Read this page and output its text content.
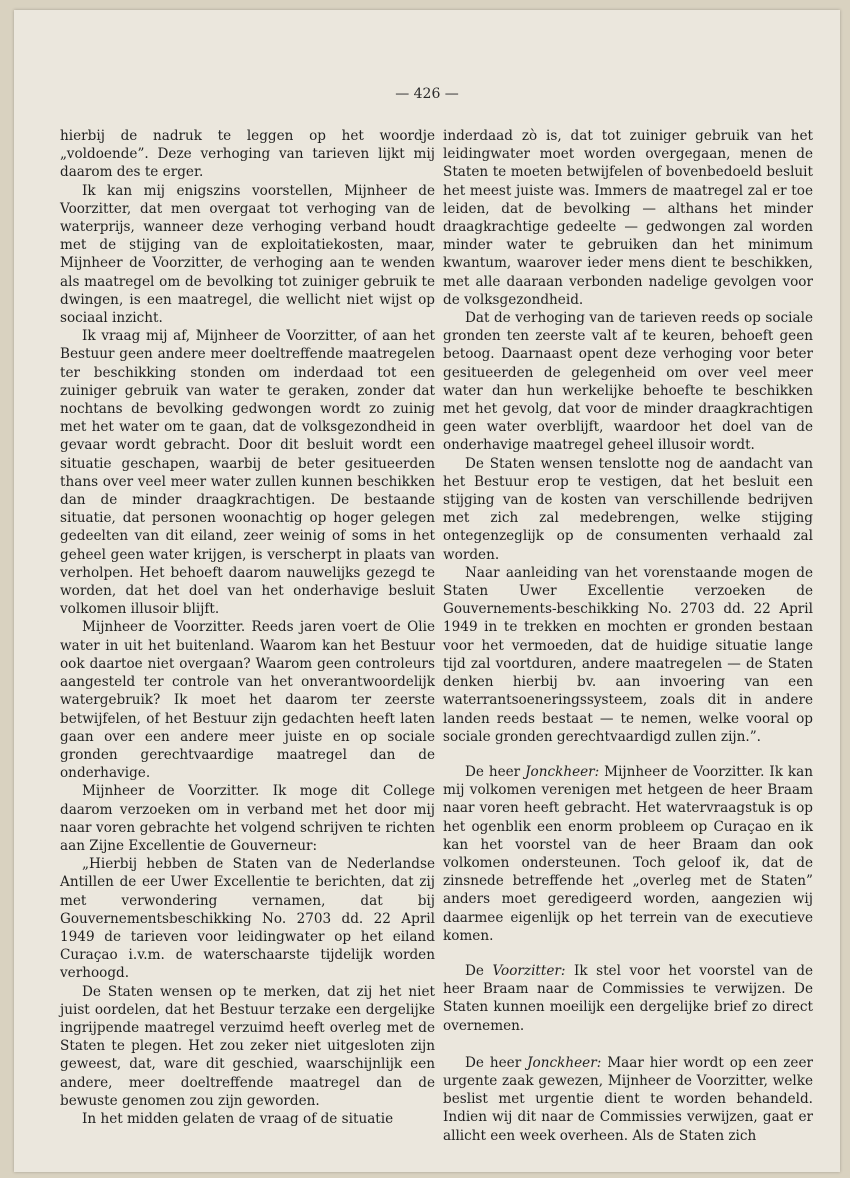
— 426 —

hierbij de nadruk te leggen op het woordje „voldoende”. Deze verhoging van tarieven lijkt mij daarom des te erger.

Ik kan mij enigszins voorstellen, Mijnheer de Voorzitter, dat men overgaat tot verhoging van de waterprijs, wanneer deze verhoging verband houdt met de stijging van de exploitatiekosten, maar, Mijnheer de Voorzitter, de verhoging aan te wenden als maatregel om de bevolking tot zuiniger gebruik te dwingen, is een maatregel, die wellicht niet wijst op sociaal inzicht.

Ik vraag mij af, Mijnheer de Voorzitter, of aan het Bestuur geen andere meer doeltreffende maatregelen ter beschikking stonden om inderdaad tot een zuiniger gebruik van water te geraken, zonder dat nochtans de bevolking gedwongen wordt zo zuinig met het water om te gaan, dat de volksgezondheid in gevaar wordt gebracht. Door dit besluit wordt een situatie geschapen, waarbij de beter gesitueerden thans over veel meer water zullen kunnen beschikken dan de minder draagkrachtigen. De bestaande situatie, dat personen woonachtig op hoger gelegen gedeelten van dit eiland, zeer weinig of soms in het geheel geen water krijgen, is verscherpt in plaats van verholpen. Het behoeft daarom nauwelijks gezegd te worden, dat het doel van het onderhavige besluit volkomen illusoir blijft.

Mijnheer de Voorzitter. Reeds jaren voert de Olie water in uit het buitenland. Waarom kan het Bestuur ook daartoe niet overgaan? Waarom geen controleurs aangesteld ter controle van het onverantwoordelijk watergebruik? Ik moet het daarom ter zeerste betwijfelen, of het Bestuur zijn gedachten heeft laten gaan over een andere meer juiste en op sociale gronden gerechtvaardige maatregel dan de onderhavige.

Mijnheer de Voorzitter. Ik moge dit College daarom verzoeken om in verband met het door mij naar voren gebrachte het volgend schrijven te richten aan Zijne Excellentie de Gouverneur:

„Hierbij hebben de Staten van de Nederlandse Antillen de eer Uwer Excellentie te berichten, dat zij met verwondering vernamen, dat bij Gouvernementsbeschikking No. 2703 dd. 22 April 1949 de tarieven voor leidingwater op het eiland Curaçao i.v.m. de waterschaarste tijdelijk worden verhoogd.

De Staten wensen op te merken, dat zij het niet juist oordelen, dat het Bestuur terzake een dergelijke ingrijpende maatregel verzuimd heeft overleg met de Staten te plegen. Het zou zeker niet uitgesloten zijn geweest, dat, ware dit geschied, waarschijnlijk een andere, meer doeltreffende maatregel dan de bewuste genomen zou zijn geworden.

In het midden gelaten de vraag of de situatie

inderdaad zò is, dat tot zuiniger gebruik van het leidingwater moet worden overgegaan, menen de Staten te moeten betwijfelen of bovenbedoeld besluit het meest juiste was. Immers de maatregel zal er toe leiden, dat de bevolking — althans het minder draagkrachtige gedeelte — gedwongen zal worden minder water te gebruiken dan het minimum kwantum, waarover ieder mens dient te beschikken, met alle daaraan verbonden nadelige gevolgen voor de volksgezondheid.

Dat de verhoging van de tarieven reeds op sociale gronden ten zeerste valt af te keuren, behoeft geen betoog. Daarnaast opent deze verhoging voor beter gesitueerden de gelegenheid om over veel meer water dan hun werkelijke behoefte te beschikken met het gevolg, dat voor de minder draagkrachtigen geen water overblijft, waardoor het doel van de onderhavige maatregel geheel illusoir wordt.

De Staten wensen tenslotte nog de aandacht van het Bestuur erop te vestigen, dat het besluit een stijging van de kosten van verschillende bedrijven met zich zal medebrengen, welke stijging ontegenzeglijk op de consumenten verhaald zal worden.

Naar aanleiding van het vorenstaande mogen de Staten Uwer Excellentie verzoeken de Gouvernements-beschikking No. 2703 dd. 22 April 1949 in te trekken en mochten er gronden bestaan voor het vermoeden, dat de huidige situatie lange tijd zal voortduren, andere maatregelen — de Staten denken hierbij bv. aan invoering van een waterrantsoeneringssysteem, zoals dit in andere landen reeds bestaat — te nemen, welke vooral op sociale gronden gerechtvaardigd zullen zijn.”.

De heer Jonckheer: Mijnheer de Voorzitter. Ik kan mij volkomen verenigen met hetgeen de heer Braam naar voren heeft gebracht. Het watervraagstuk is op het ogenblik een enorm probleem op Curaçao en ik kan het voorstel van de heer Braam dan ook volkomen ondersteunen. Toch geloof ik, dat de zinsnede betreffende het „overleg met de Staten” anders moet geredigeerd worden, aangezien wij daarmee eigenlijk op het terrein van de executieve komen.

De Voorzitter: Ik stel voor het voorstel van de heer Braam naar de Commissies te verwijzen. De Staten kunnen moeilijk een dergelijke brief zo direct overnemen.

De heer Jonckheer: Maar hier wordt op een zeer urgente zaak gewezen, Mijnheer de Voorzitter, welke beslist met urgentie dient te worden behandeld. Indien wij dit naar de Commissies verwijzen, gaat er allicht een week overheen. Als de Staten zich
